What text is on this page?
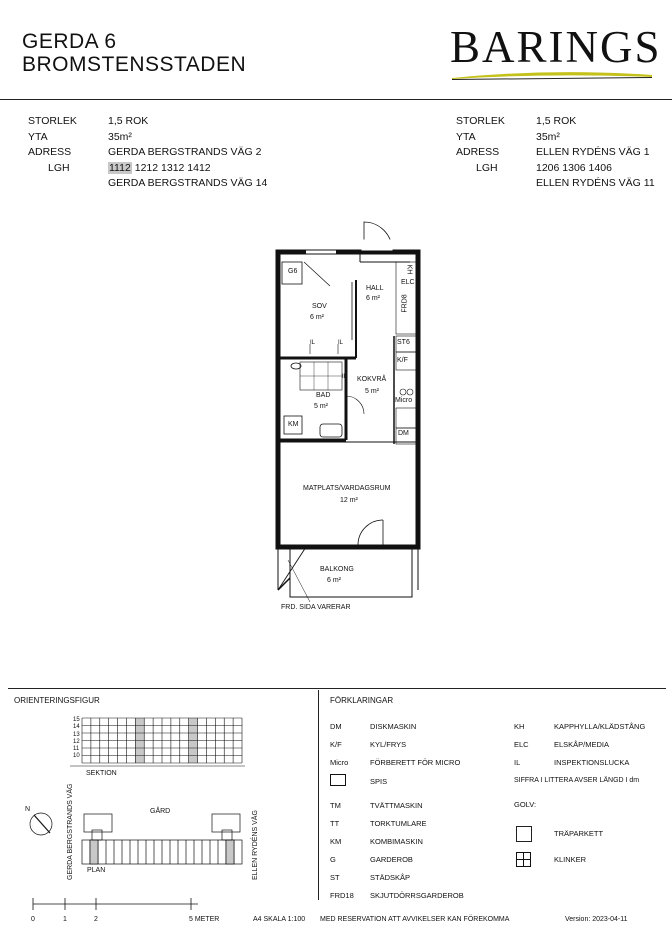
GERDA 6
BROMSTENSSTADEN	BARINGS
STORLEK	1,5 ROK
YTA	35m²
ADRESS	GERDA BERGSTRANDS VÄG 2
LGH	1112 1212 1312 1412
GERDA BERGSTRANDS VÄG 14
STORLEK	1,5 ROK
YTA	35m²
ADRESS	ELLEN RYDÉNS VÄG 1
LGH	1206 1306 1406
ELLEN RYDÉNS VÄG 11
G6
SOV
6 m²
HALL
6 m²
KH
ELC
FRD8
ST6
K/F
Micro
DM
IL	IL
IL KOKVRÅ
5 m²
BAD
5 m²
KM
MATPLATS/VARDAGSRUM
12 m²
BALKONG
6 m²
FRD. SIDA VARERAR
ORIENTERINGSFIGUR
15
14
13
12
11
10
SEKTION
GÅRD
N
PLAN
GERDA BERGSTRANDS VÄG	ELLEN RYDÉNS VÄG
FÖRKLARINGAR
DM	DISKMASKIN
K/F	KYL/FRYS
Micro	FÖRBERETT FÖR MICRO
SPIS
TM	TVÄTTMASKIN
TT	TORKTUMLARE
KM	KOMBIMASKIN
G	GARDEROB
ST	STÄDSKÅP
FRD18 SKJUTDÖRRSGARDEROB
KH	KAPPHYLLA/KLÄDSTÅNG
ELC	ELSKÅP/MEDIA
IL	INSPEKTIONSLUCKA
SIFFRA I LITTERA AVSER LÄNGD I dm
GOLV:
TRÄPARKETT
KLINKER
0	1	2	5 METER	A4 SKALA 1:100 MED RESERVATION ATT AVVIKELSER KAN FÖREKOMMA	Version: 2023-04-11
